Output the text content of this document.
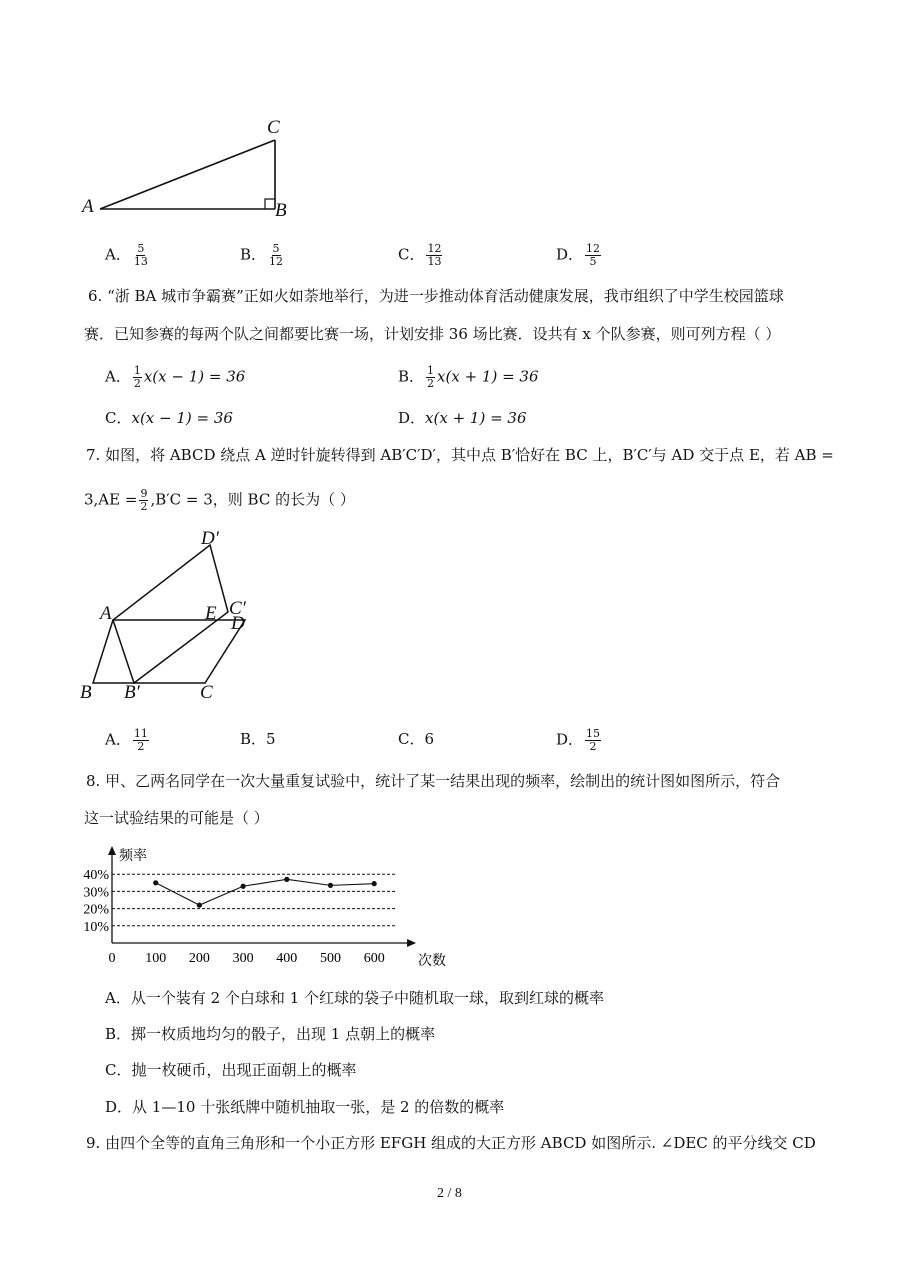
A	B
C
A． $\frac{5}{13}$	B． $\frac{5}{12}$	C． $\frac{12}{13}$	D． $\frac{12}{5}$
6. “浙 BA 城市争霸赛”正如火如荼地举行，为进一步推动体育活动健康发展，我市组织了中学生校园篮球
赛．已知参赛的每两个队之间都要比赛一场，计划安排 36 场比赛．设共有 x 个队参赛，则可列方程（ ）
A． $\frac{1}{2} x(x - 1) = 36$	B． $\frac{1}{2} x(x + 1) = 36$
C．x(x − 1) = 36	D．x(x + 1) = 36
7. 如图，将 ABCD 绕点 A 逆时针旋转得到 AB′C′D′，其中点 B′恰好在 BC 上，B′C′与 AD 交于点 E，若 AB =
$3,AE = \frac{9}{2} ,B'C = 3$，则 BC 的长为（ ）
D′
A	E C′
D
B B′	C
A． $\frac{11}{2}$	B．5	C．6	D． $\frac{15}{2}$
8. 甲、乙两名同学在一次大量重复试验中，统计了某一结果出现的频率，绘制出的统计图如图所示，符合
这一试验结果的可能是（ ）
10%
20%
30%
40%
0 100 200 300 400 500 600
频率
次数
A．从一个装有 2 个白球和 1 个红球的袋子中随机取一球，取到红球的概率
B．掷一枚质地均匀的骰子，出现 1 点朝上的概率
C．抛一枚硬币，出现正面朝上的概率
D．从 1—10 十张纸牌中随机抽取一张，是 2 的倍数的概率
9. 由四个全等的直角三角形和一个小正方形 EFGH 组成的大正方形 ABCD 如图所示. ∠DEC 的平分线交 CD
2 / 8
